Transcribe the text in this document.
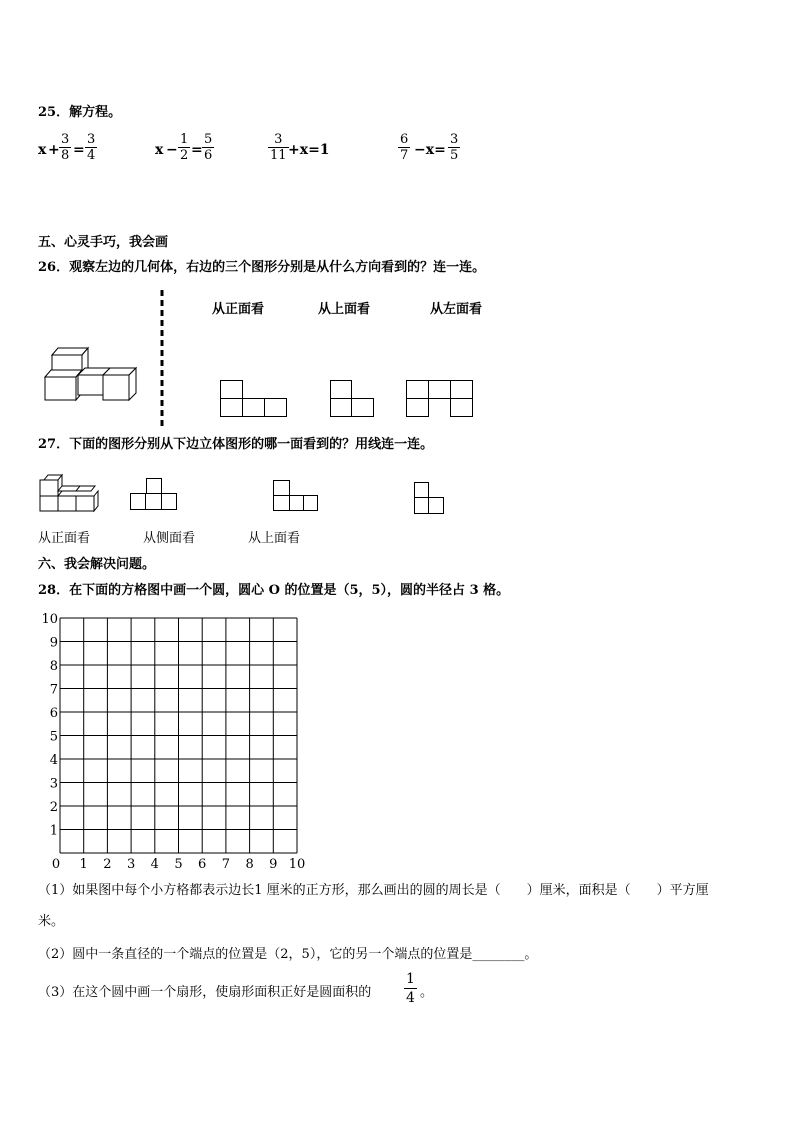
25．解方程。
x +
3
8 =
3
4	x −
1
2 =
5
6
3
11 +x=1
6
7 −x=
3
5
五、心灵手巧，我会画
26．观察左边的几何体，右边的三个图形分别是从什么方向看到的？连一连。
从正面看	从上面看	从左面看
27．下面的图形分别从下边立体图形的哪一面看到的？用线连一连。
从正面看	从侧面看	从上面看
六、我会解决问题。
28．在下面的方格图中画一个圆，圆心 O 的位置是（5，5），圆的半径占 3 格。
0 1 2 3 4 5 6 7 8 9 10
10
9
8
7
6
5
4
3
2
1
（1）如果图中每个小方格都表示边长1 厘米的正方形，那么画出的圆的周长是（　　）厘米，面积是（　　）平方厘
米。
（2）圆中一条直径的一个端点的位置是（2，5），它的另一个端点的位置是________。
（3）在这个圆中画一个扇形，使扇形面积正好是圆面积的
1
4 。
